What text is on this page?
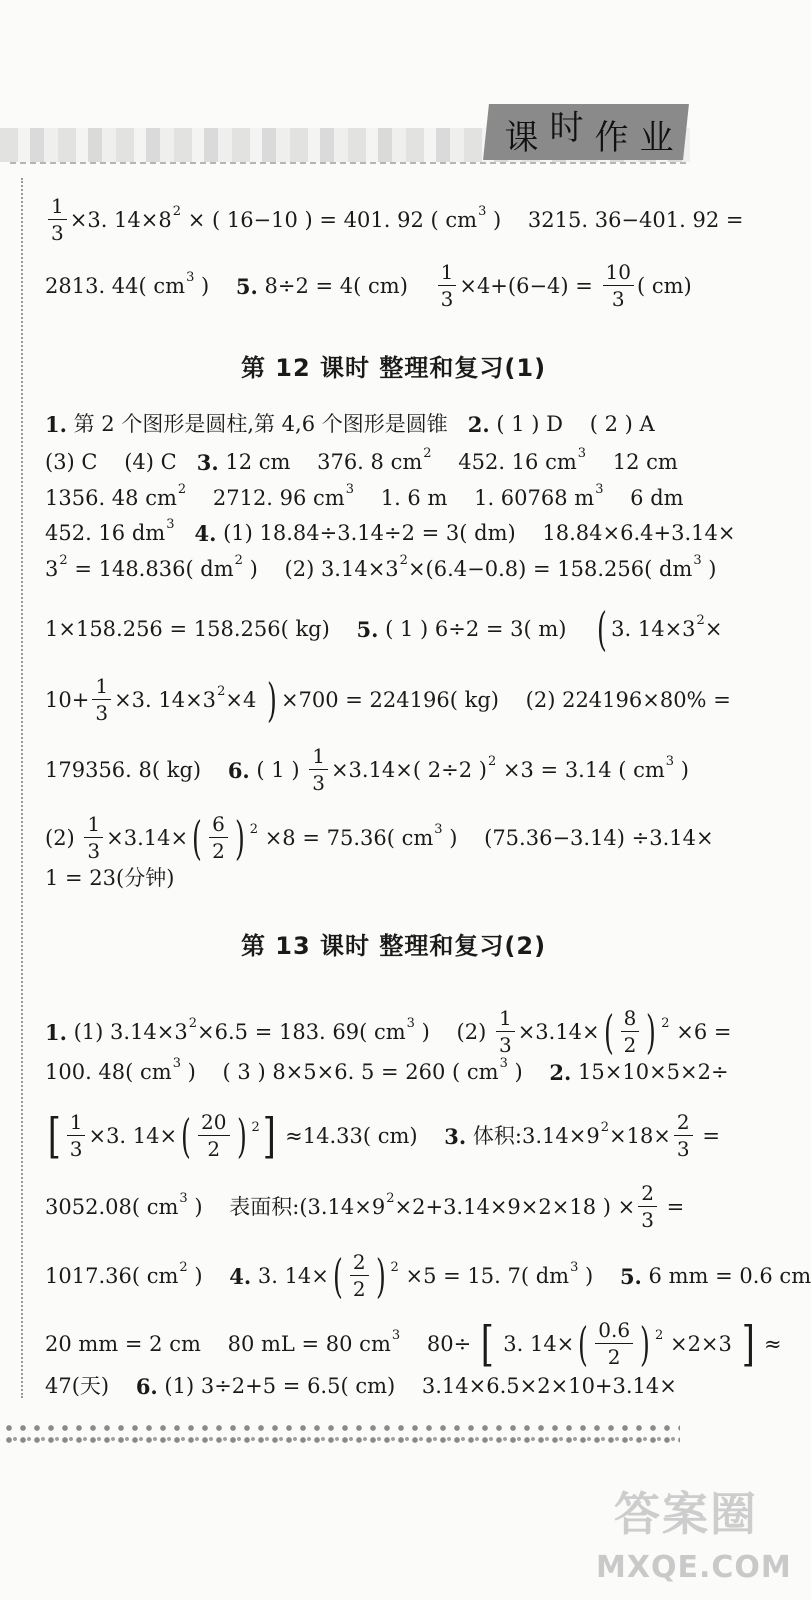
课 时 作 业
$\frac{1}{3} \times 3$. 14×8 2 × ( 16−10 ) = 401. 92 ( cm 3 )    3215. 36−401. 92 =
2813. 44( cm 3 ) 5. 8÷2 = 4( $cm) \frac{1}{3} \times 4+(6-4) = \frac{10}{3}$ ( cm)
第 12 课时 整理和复习(1)
1. 第 2 个图形是圆柱,第 4,6 个图形是圆锥 2. ( 1 ) D    ( 2 ) A
(3) C    (4) C 3. 12 cm    376. 8 cm 2 452. 16 cm 3 12 cm
1356. 48 cm 2 2712. 96 cm 3 1. 6 m    1. 60768 m 3 6 dm
452. 16 dm 3
4. (1) 18.84÷3.14÷2 = 3( dm)    18.84×6.4+3.14×
3 2 = 148.836( dm 2 )    (2) 3.14×3 2 ×(6.4−0.8) = 158.256( dm 3 )
1×158.256 = 158.256( kg) 5. ( 1 ) 6÷2 = 3( m) ( 3. 14×3 2 ×
$10+ \frac{1}{3} \times 3$. 14×3 2 ×4 ) ×700 = 224196( kg)    (2) 224196×80% =
179356. 8( kg) 6. ( 1 ) $\frac{1}{3} \times 3.14\times$( 2÷2 ) 2 ×3 = 3.14 ( cm 3 )
$(2) \frac{1}{3} \times 3.14\times$ ( $\frac{6}{2}$ ) 2 ×8 = 75.36( cm 3 )    (75.36−3.14) ÷3.14×
1 = 23(分钟)
第 13 课时 整理和复习(2)
1. (1) 3.14×3 2 ×6.5 = 183. 69( cm 3 )    $(2) \frac{1}{3} \times 3.14\times$ ( $\frac{8}{2}$ ) 2 ×6 =
100. 48( cm 3 )    ( 3 ) 8×5×6. 5 = 260 ( cm 3 ) 2. 15×10×5×2÷
[ $\frac{1}{3} \times 3$. 14× ( $\frac{20}{2}$ ) 2 ] ≈14.33( cm) 3. 体积:3.14×9 $2 \times 18\times \frac{2}{3}$ =
3052.08( cm 3 )    表面积:(3.14×9 2 ×2+3.14×9×2×18 ) × $\frac{2}{3}$ =
1017.36( cm 2 ) 4. 3. 14× ( $\frac{2}{2}$ ) 2 ×5 = 15. 7( dm 3 ) 5. 6 mm = 0.6 cm
20 mm = 2 cm    80 mL = 80 cm 3 80÷ [ 3. 14× ( $\frac{0.6}{2}$ ) 2 ×2×3 ] ≈
47(天) 6. (1) 3÷2+5 = 6.5( cm)    3.14×6.5×2×10+3.14×
答案圈
MXQE.COM
